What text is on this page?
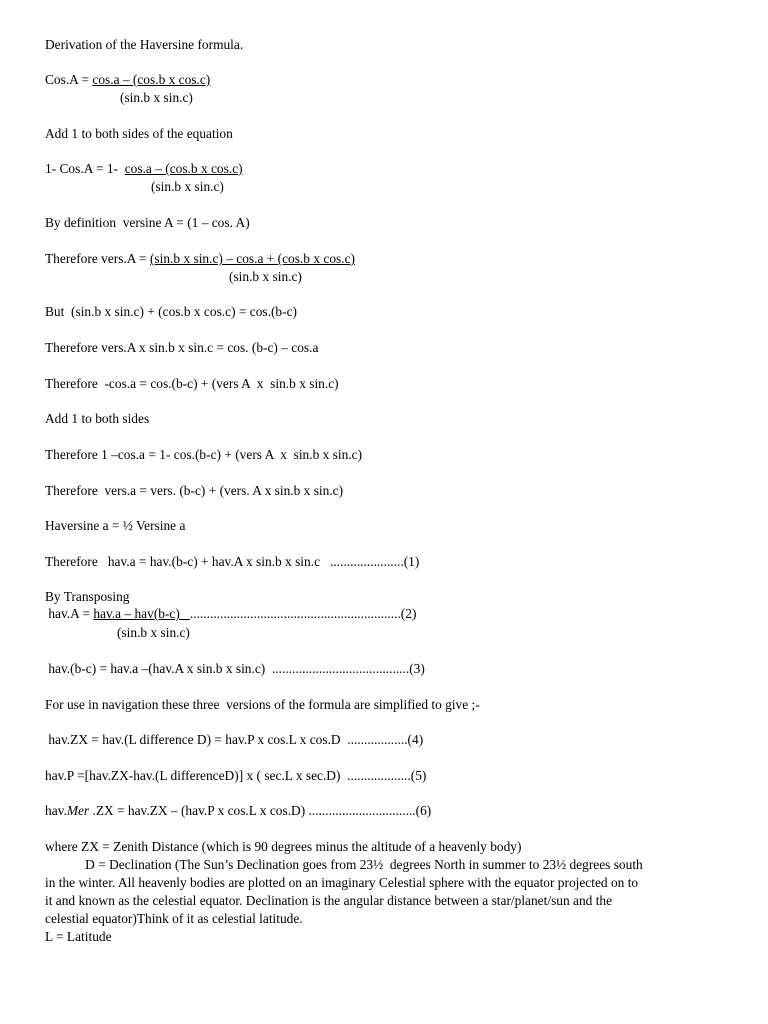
Derivation of the Haversine formula.
Cos.A = cos.a – (cos.b x cos.c)
(sin.b x sin.c)
Add 1 to both sides of the equation
1- Cos.A = 1-  cos.a – (cos.b x cos.c)
(sin.b x sin.c)
By definition  versine A = (1 – cos. A)
Therefore vers.A = (sin.b x sin.c) – cos.a + (cos.b x cos.c)
(sin.b x sin.c)
But  (sin.b x sin.c) + (cos.b x cos.c) = cos.(b-c)
Therefore vers.A x sin.b x sin.c = cos. (b-c) – cos.a
Therefore  -cos.a = cos.(b-c) + (vers A  x  sin.b x sin.c)
Add 1 to both sides
Therefore 1 –cos.a = 1- cos.(b-c) + (vers A  x  sin.b x sin.c)
Therefore  vers.a = vers. (b-c) + (vers. A x sin.b x sin.c)
Haversine a = ½ Versine a
Therefore   hav.a = hav.(b-c) + hav.A x sin.b x sin.c   ......................(1)
By Transposing
hav.A = hav.a – hav(b-c)   ...............................................................(2)
(sin.b x sin.c)
hav.(b-c) = hav.a –(hav.A x sin.b x sin.c)  .........................................(3)
For use in navigation these three  versions of the formula are simplified to give ;-
hav.ZX = hav.(L difference D) = hav.P x cos.L x cos.D  ..................(4)
hav.P =[hav.ZX-hav.(L differenceD)] x ( sec.L x sec.D)  ...................(5)
hav.Mer .ZX = hav.ZX – (hav.P x cos.L x cos.D) ................................(6)
where ZX = Zenith Distance (which is 90 degrees minus the altitude of a heavenly body)
D = Declination (The Sun’s Declination goes from 23½  degrees North in summer to 23½ degrees south
in the winter. All heavenly bodies are plotted on an imaginary Celestial sphere with the equator projected on to
it and known as the celestial equator. Declination is the angular distance between a star/planet/sun and the
celestial equator)Think of it as celestial latitude.
L = Latitude
